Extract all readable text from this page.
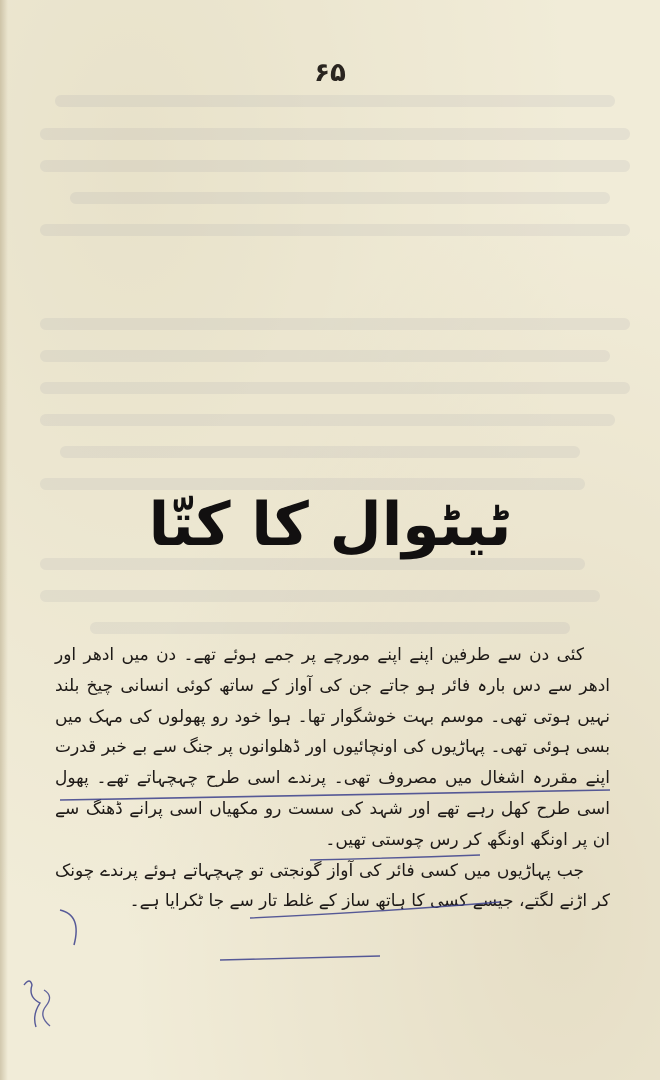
۶۵
ٹیٹوال کا کتّا

کئی دن سے طرفین اپنے اپنے مورچے پر جمے ہوئے تھے۔ دن میں ادھر اور ادھر سے دس بارہ فائر ہو جاتے جن کی آواز کے ساتھ کوئی انسانی چیخ بلند نہیں ہوتی تھی۔ موسم بہت خوشگوار تھا۔ ہوا خود رو پھولوں کی مہک میں بسی ہوئی تھی۔ پہاڑیوں کی اونچائیوں اور ڈھلوانوں پر جنگ سے بے خبر قدرت اپنے مقررہ اشغال میں مصروف تھی۔ پرندے اسی طرح چہچہاتے تھے۔ پھول اسی طرح کھل رہے تھے اور شہد کی سست رو مکھیاں اسی پرانے ڈھنگ سے ان پر اونگھ اونگھ کر رس چوستی تھیں۔

جب پہاڑیوں میں کسی فائر کی آواز گونجتی تو چہچہاتے ہوئے پرندے چونک کر اڑنے لگتے، جیسے کسی کا ہاتھ ساز کے غلط تار سے جا ٹکرایا ہے۔
